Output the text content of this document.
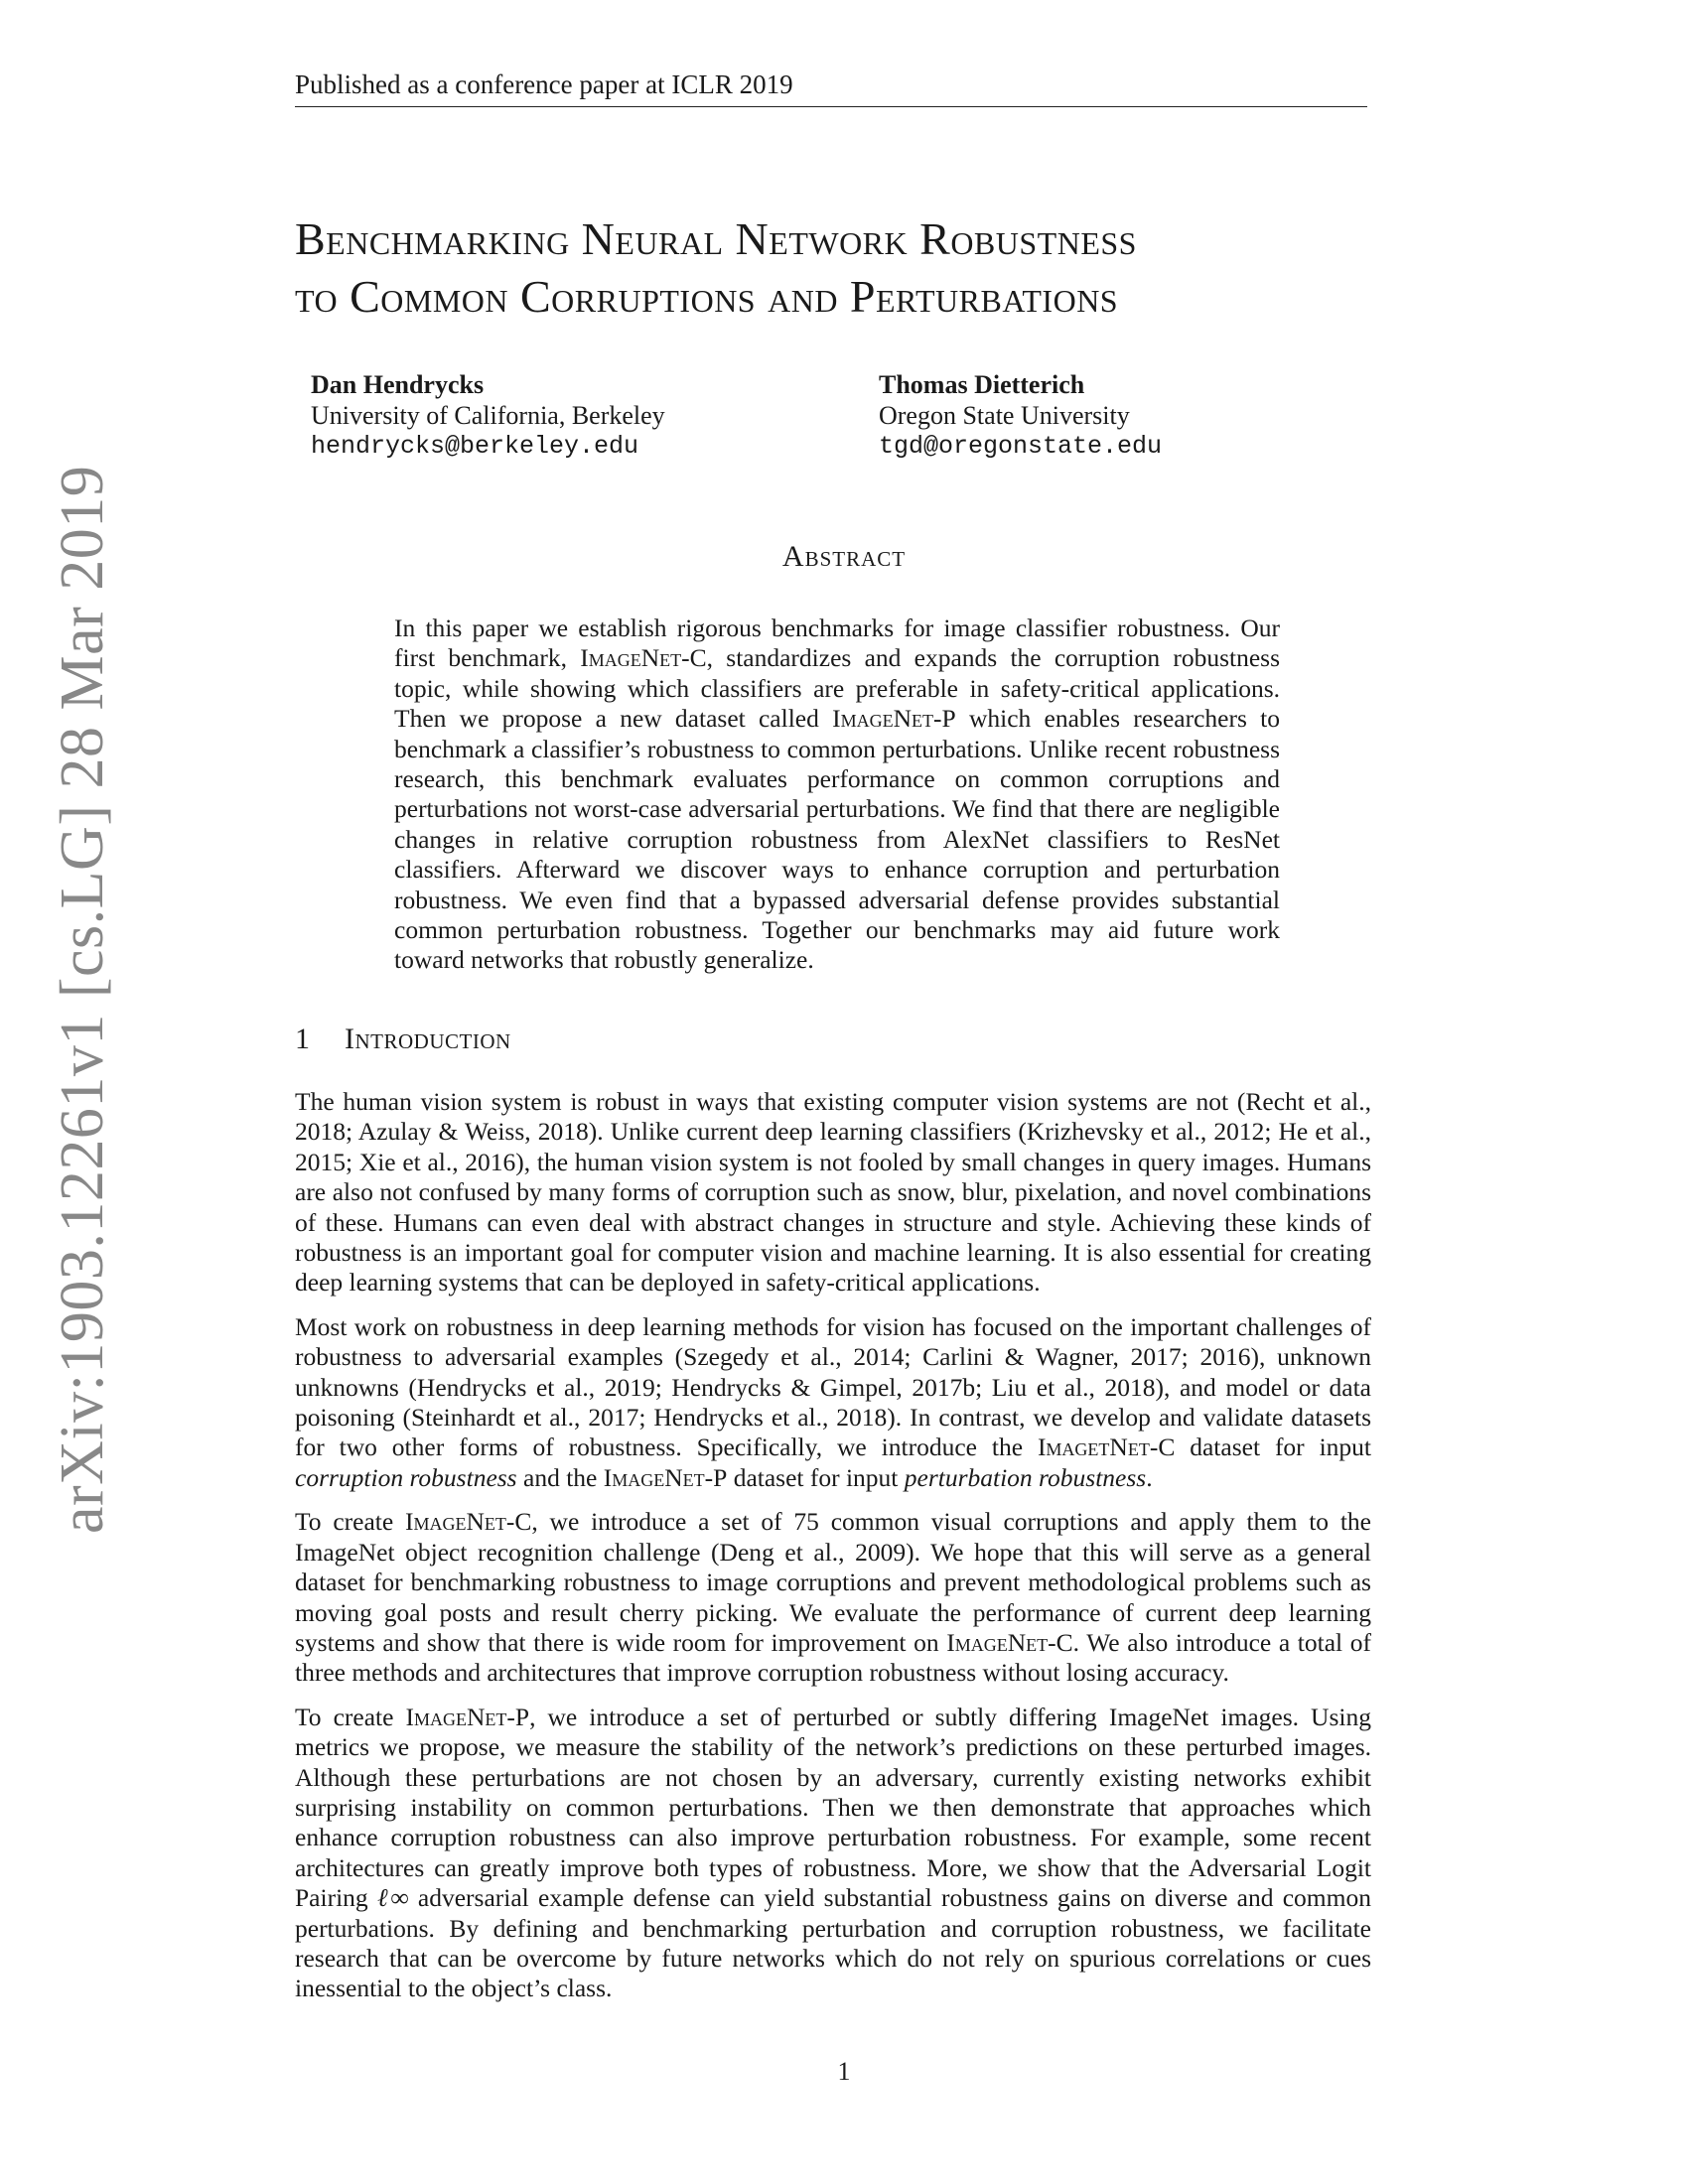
Published as a conference paper at ICLR 2019
Benchmarking Neural Network Robustness
to Common Corruptions and Perturbations
Dan Hendrycks
University of California, Berkeley
hendrycks@berkeley.edu
Thomas Dietterich
Oregon State University
tgd@oregonstate.edu
arXiv:1903.12261v1 [cs.LG] 28 Mar 2019	Abstract
In this paper we establish rigorous benchmarks for image classifier robustness. Our first benchmark, ImageNet-C, standardizes and expands the corruption robustness topic, while showing which classifiers are preferable in safety-critical applications. Then we propose a new dataset called ImageNet-P which enables researchers to benchmark a classifier’s robustness to common perturbations. Unlike recent robustness research, this benchmark evaluates performance on common corruptions and perturbations not worst-case adversarial perturbations. We find that there are negligible changes in relative corruption robustness from AlexNet classifiers to ResNet classifiers. Afterward we discover ways to enhance corruption and perturbation robustness. We even find that a bypassed adversarial defense provides substantial common perturbation robustness. Together our benchmarks may aid future work toward networks that robustly generalize.
1 Introduction

The human vision system is robust in ways that existing computer vision systems are not (Recht et al., 2018; Azulay & Weiss, 2018). Unlike current deep learning classifiers (Krizhevsky et al., 2012; He et al., 2015; Xie et al., 2016), the human vision system is not fooled by small changes in query images. Humans are also not confused by many forms of corruption such as snow, blur, pixelation, and novel combinations of these. Humans can even deal with abstract changes in structure and style. Achieving these kinds of robustness is an important goal for computer vision and machine learning. It is also essential for creating deep learning systems that can be deployed in safety-critical applications.

Most work on robustness in deep learning methods for vision has focused on the important challenges of robustness to adversarial examples (Szegedy et al., 2014; Carlini & Wagner, 2017; 2016), unknown unknowns (Hendrycks et al., 2019; Hendrycks & Gimpel, 2017b; Liu et al., 2018), and model or data poisoning (Steinhardt et al., 2017; Hendrycks et al., 2018). In contrast, we develop and validate datasets for two other forms of robustness. Specifically, we introduce the ImagetNet-C dataset for input corruption robustness and the ImageNet-P dataset for input perturbation robustness.

To create ImageNet-C, we introduce a set of 75 common visual corruptions and apply them to the ImageNet object recognition challenge (Deng et al., 2009). We hope that this will serve as a general dataset for benchmarking robustness to image corruptions and prevent methodological problems such as moving goal posts and result cherry picking. We evaluate the performance of current deep learning systems and show that there is wide room for improvement on ImageNet-C. We also introduce a total of three methods and architectures that improve corruption robustness without losing accuracy.

To create ImageNet-P, we introduce a set of perturbed or subtly differing ImageNet images. Using metrics we propose, we measure the stability of the network’s predictions on these perturbed images. Although these perturbations are not chosen by an adversary, currently existing networks exhibit surprising instability on common perturbations. Then we then demonstrate that approaches which enhance corruption robustness can also improve perturbation robustness. For example, some recent architectures can greatly improve both types of robustness. More, we show that the Adversarial Logit Pairing ℓ∞ adversarial example defense can yield substantial robustness gains on diverse and common perturbations. By defining and benchmarking perturbation and corruption robustness, we facilitate research that can be overcome by future networks which do not rely on spurious correlations or cues inessential to the object’s class.

1
